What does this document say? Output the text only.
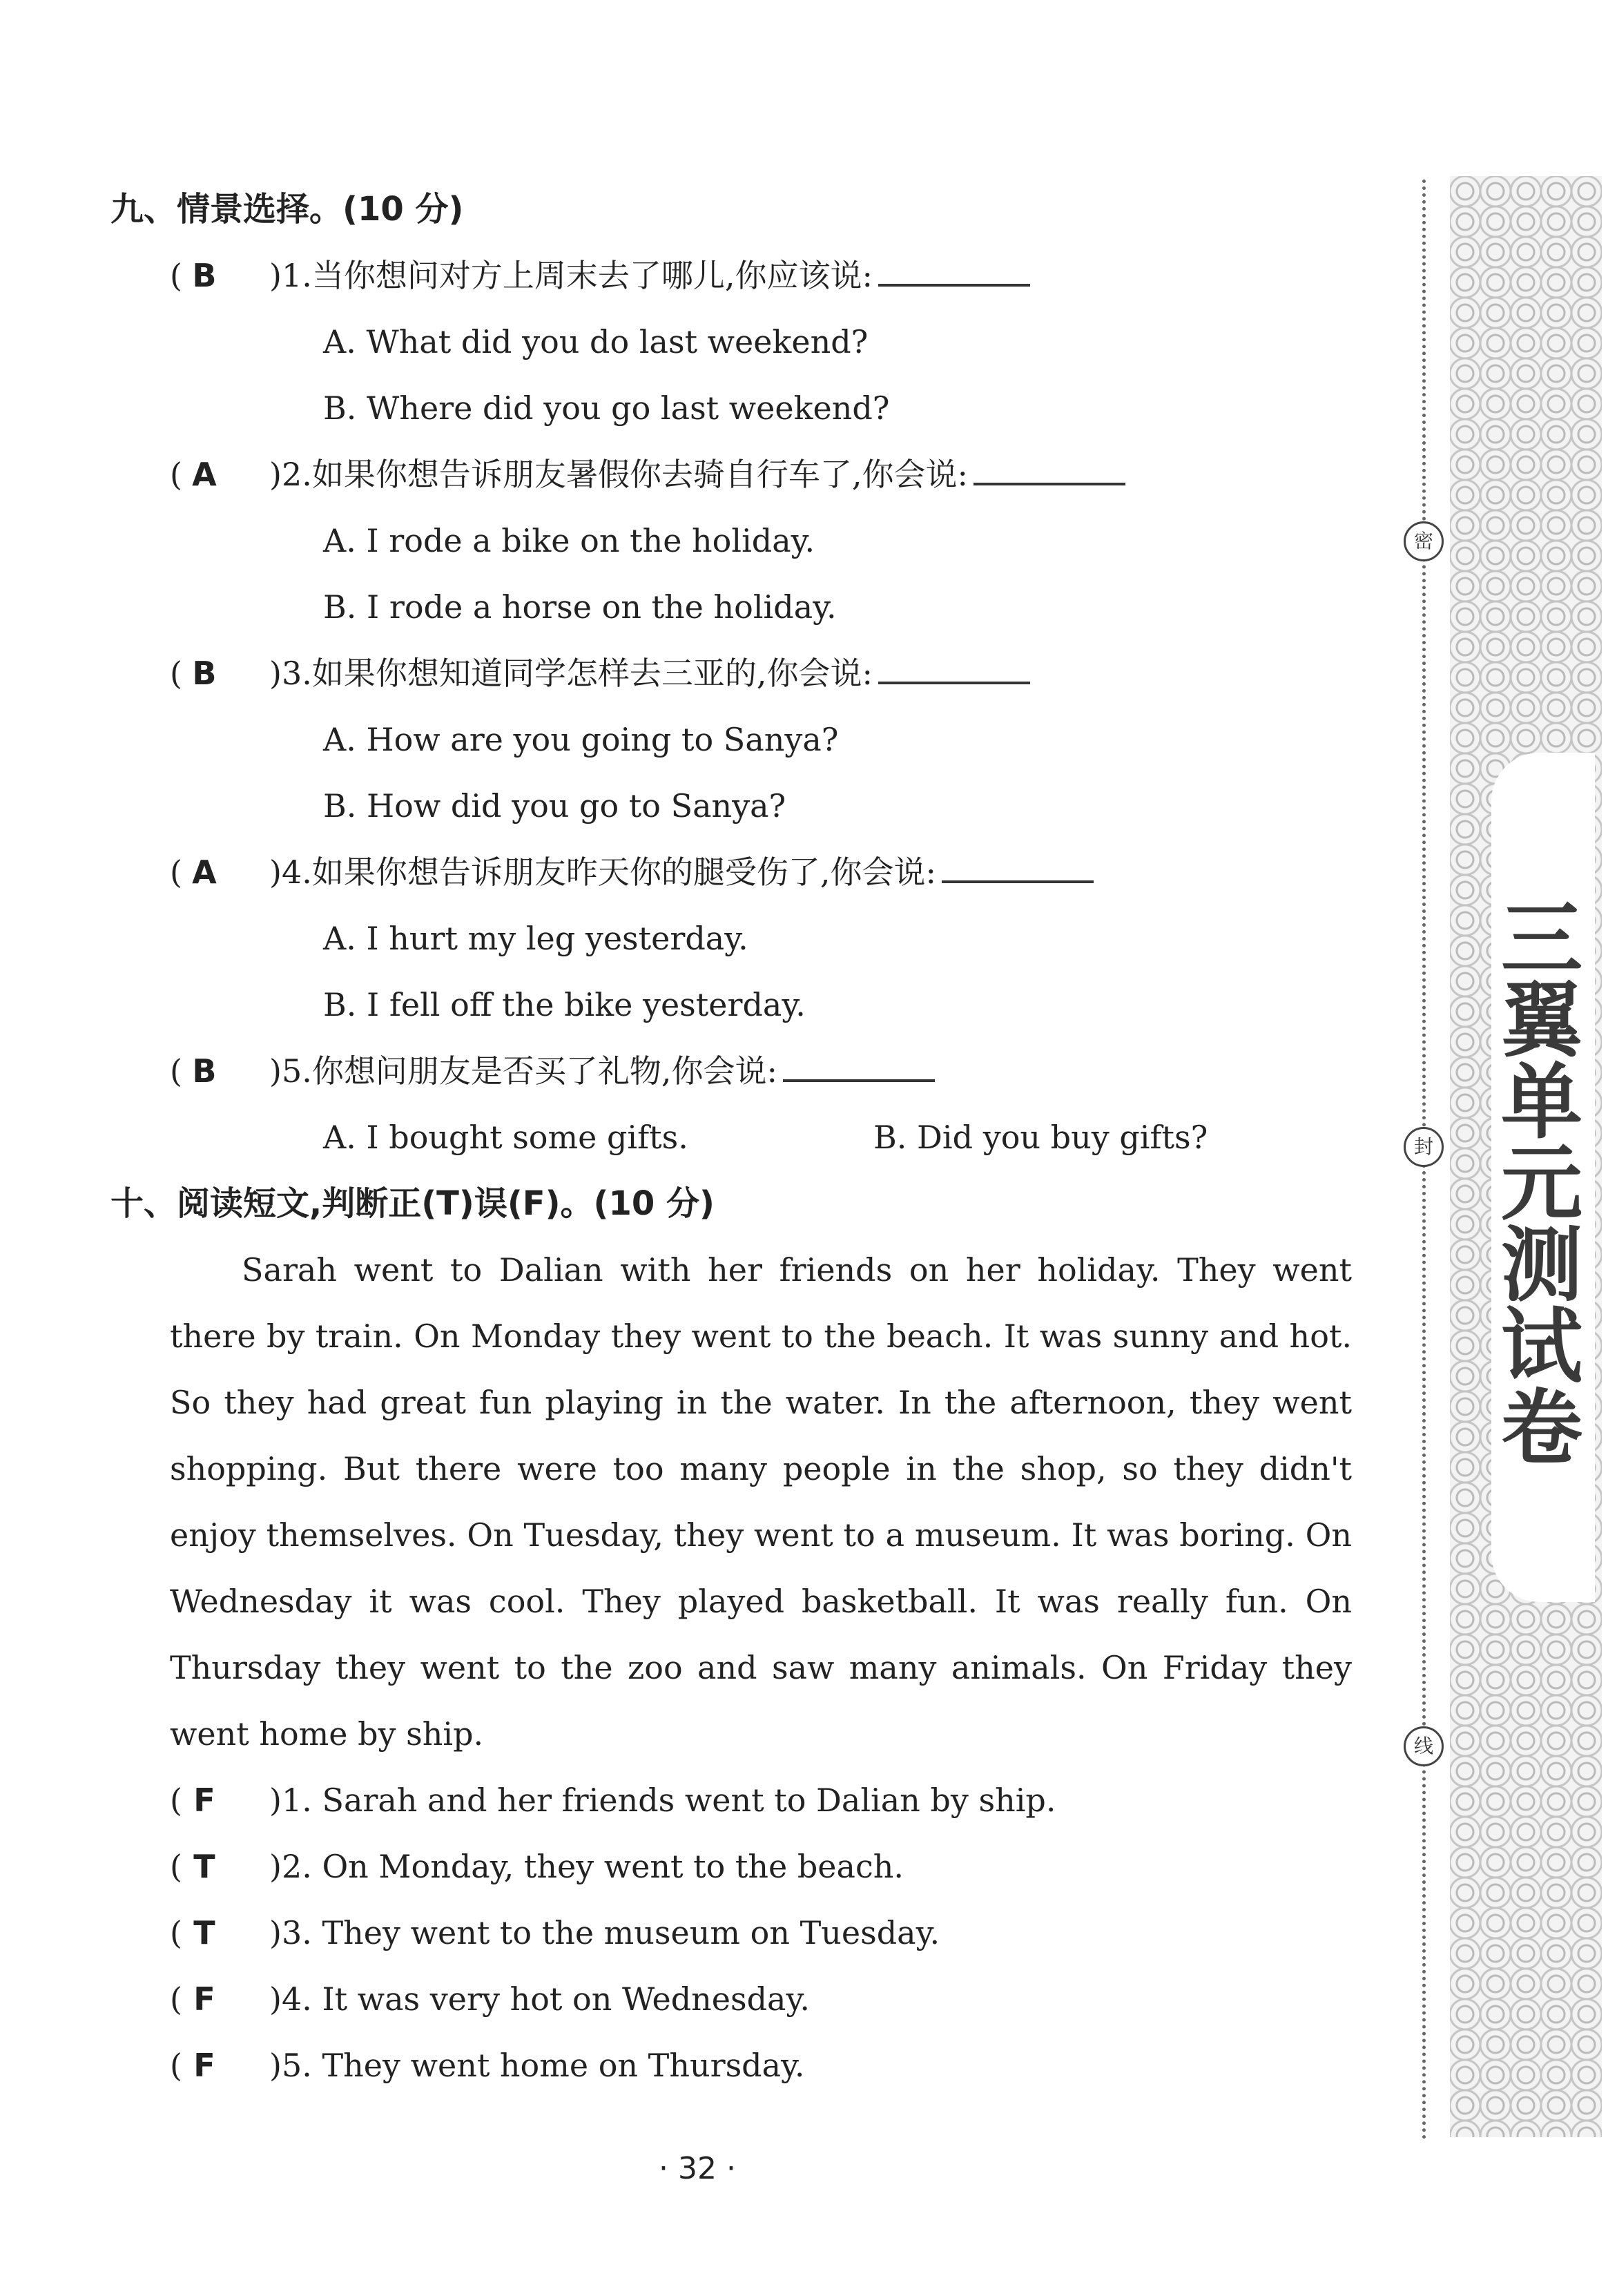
九、情景选择。(10 分)
( B	)1.当你想问对方上周末去了哪儿,你应该说:
A. What did you do last weekend?
B. Where did you go last weekend?
( A	)2.如果你想告诉朋友暑假你去骑自行车了,你会说:
A. I rode a bike on the holiday.
B. I rode a horse on the holiday.
( B	)3.如果你想知道同学怎样去三亚的,你会说:
A. How are you going to Sanya?
B. How did you go to Sanya?
( A	)4.如果你想告诉朋友昨天你的腿受伤了,你会说:
A. I hurt my leg yesterday.
B. I fell off the bike yesterday.
( B	)5.你想问朋友是否买了礼物,你会说:
A. I bought some gifts.	B. Did you buy gifts?
十、阅读短文,判断正(T)误(F)。(10 分)
Sarah went to Dalian with her friends on her holiday. They went there by train. On Monday they went to the beach. It was sunny and hot. So they had great fun playing in the water. In the afternoon, they went shopping. But there were too many people in the shop, so they didn't enjoy themselves. On Tuesday, they went to a museum. It was boring. On Wednesday it was cool. They played basketball. It was really fun. On Thursday they went to the zoo and saw many animals. On Friday they went home by ship.
( F	)1. Sarah and her friends went to Dalian by ship.
( T	)2. On Monday, they went to the beach.
( T	)3. They went to the museum on Tuesday.
( F	)4. It was very hot on Wednesday.
( F	)5. They went home on Thursday.
· 32 ·
密
封
线
三翼单元测试卷
